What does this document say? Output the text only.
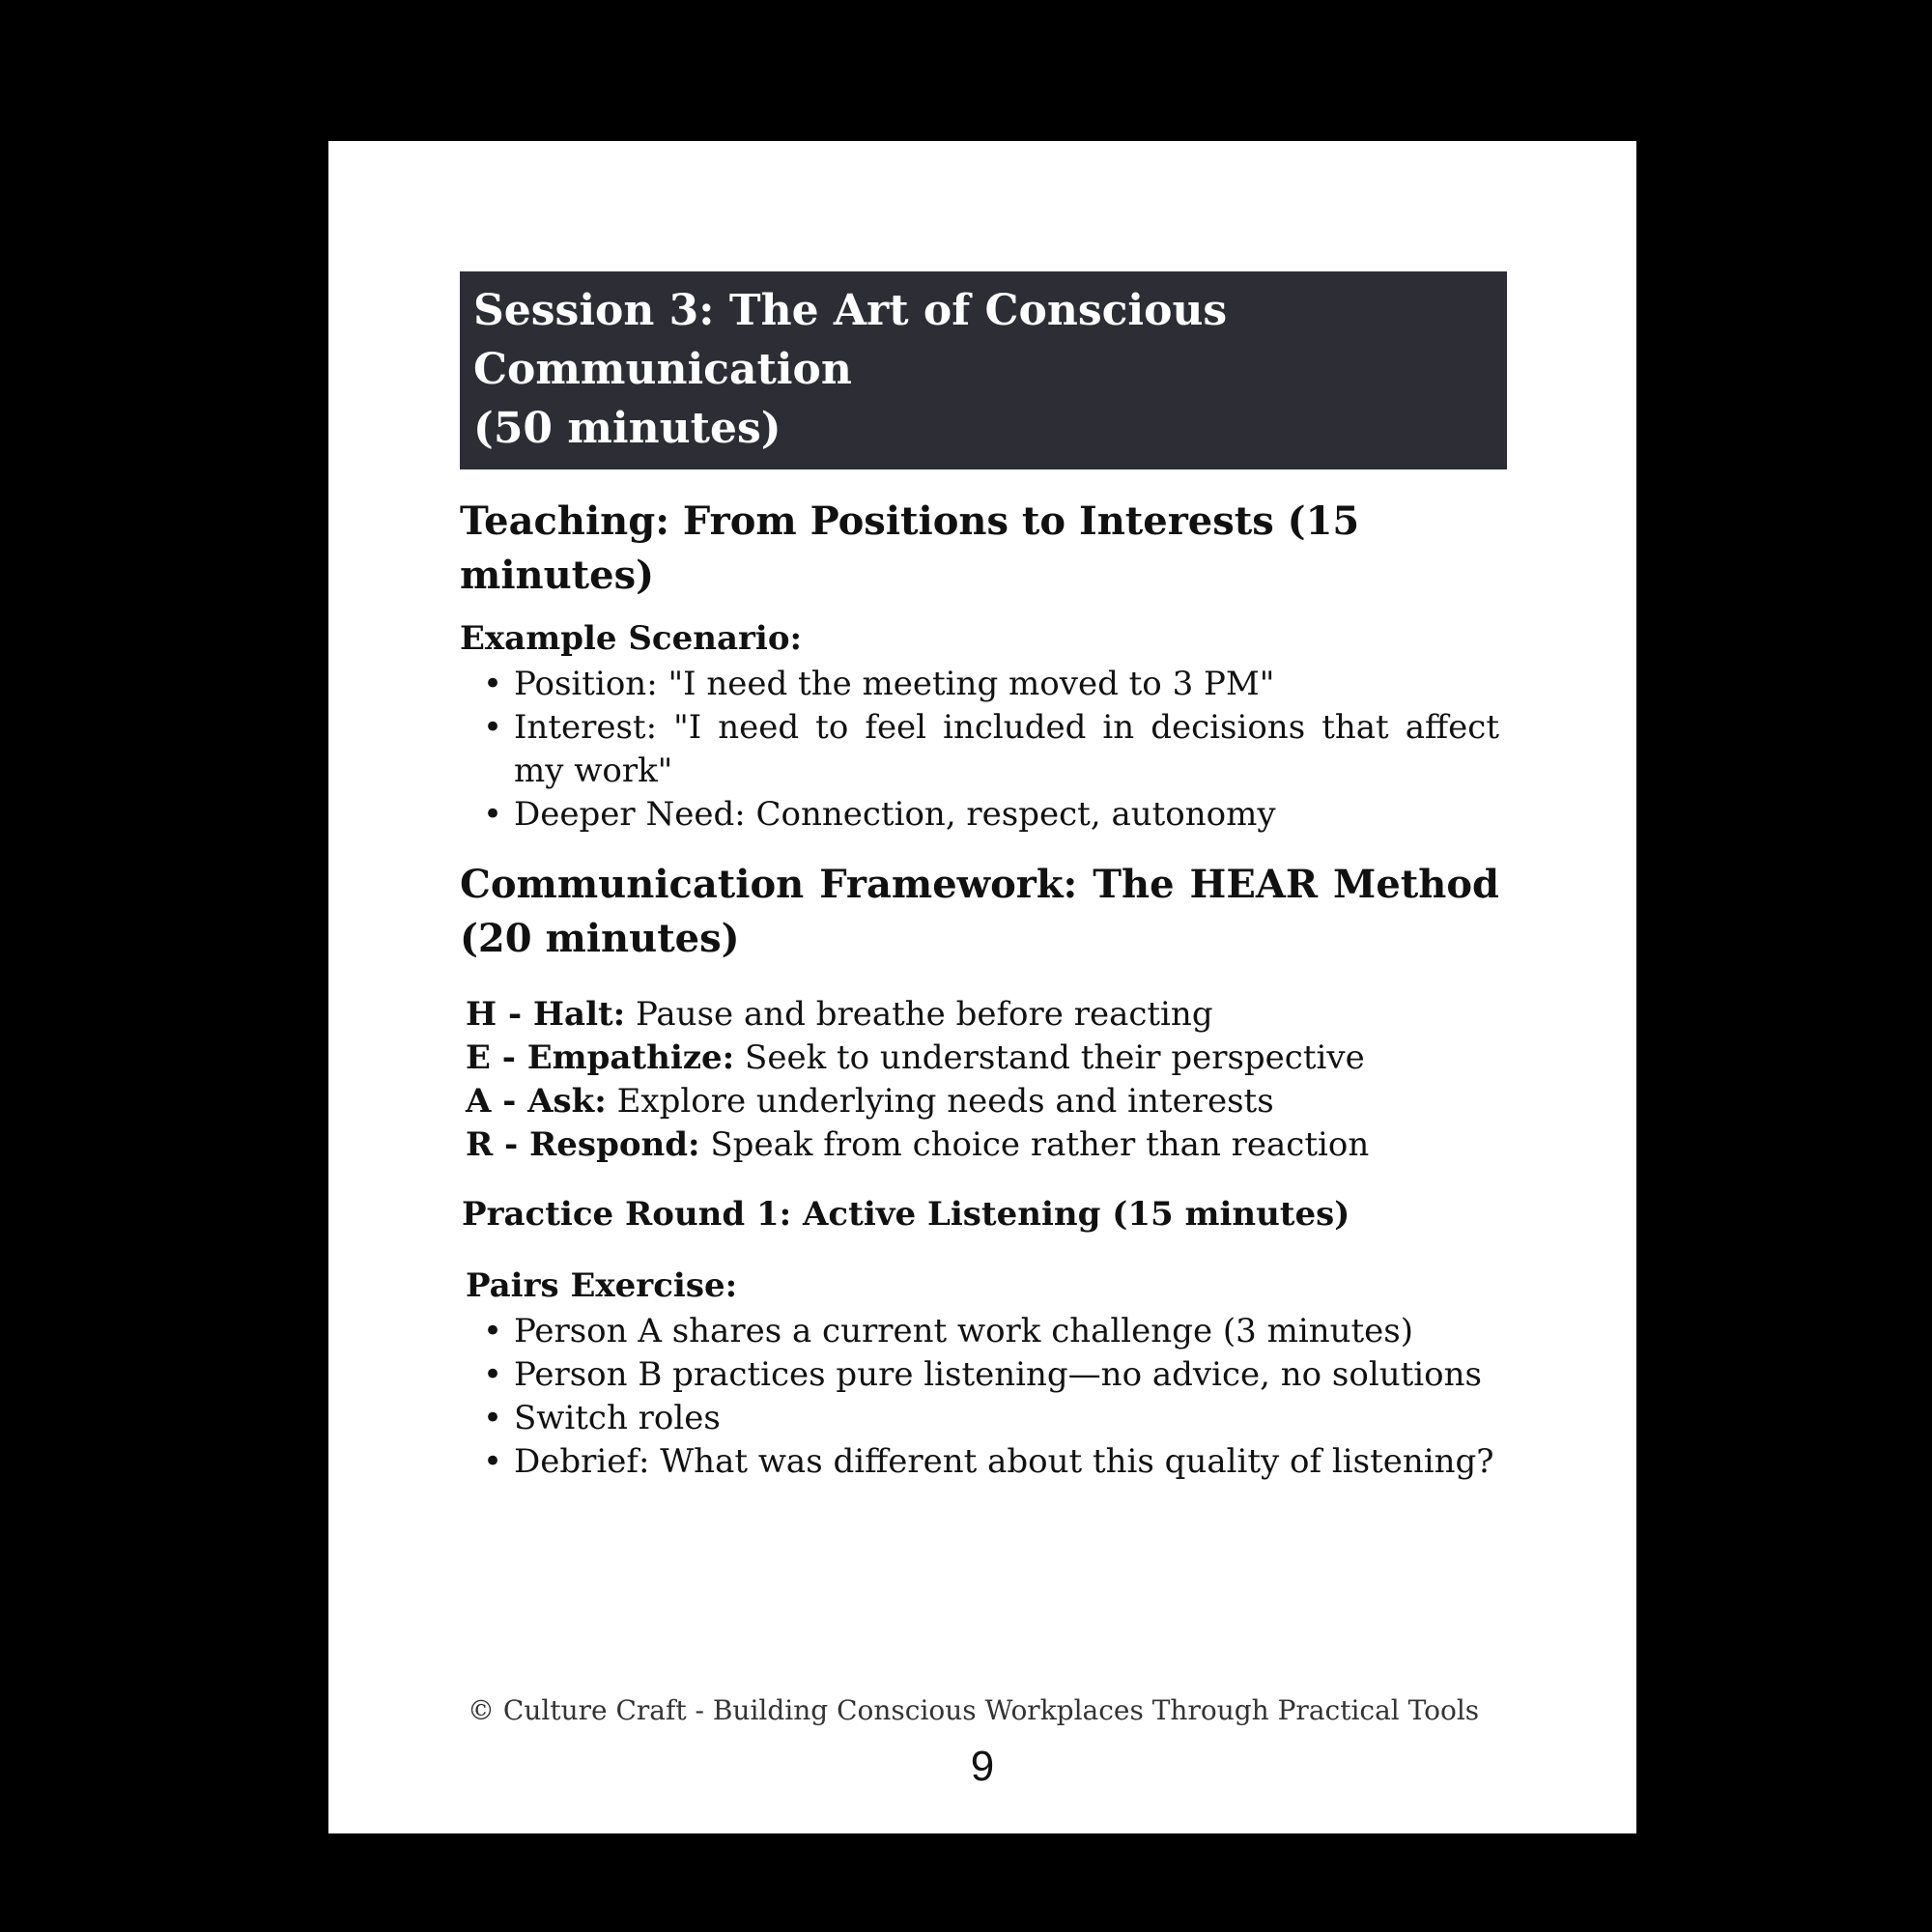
Session 3: The Art of Conscious Communication
(50 minutes)
Teaching: From Positions to Interests (15 minutes)
Example Scenario:
• Position: "I need the meeting moved to 3 PM"
• Interest: "I need to feel included in decisions that affect my work"
• Deeper Need: Connection, respect, autonomy
Communication Framework: The HEAR Method
(20 minutes)
H - Halt: Pause and breathe before reacting
E - Empathize: Seek to understand their perspective
A - Ask: Explore underlying needs and interests
R - Respond: Speak from choice rather than reaction
Practice Round 1: Active Listening (15 minutes)
Pairs Exercise:
• Person A shares a current work challenge (3 minutes)
• Person B practices pure listening—no advice, no solutions
• Switch roles
• Debrief: What was different about this quality of listening?
© Culture Craft - Building Conscious Workplaces Through Practical Tools
9
